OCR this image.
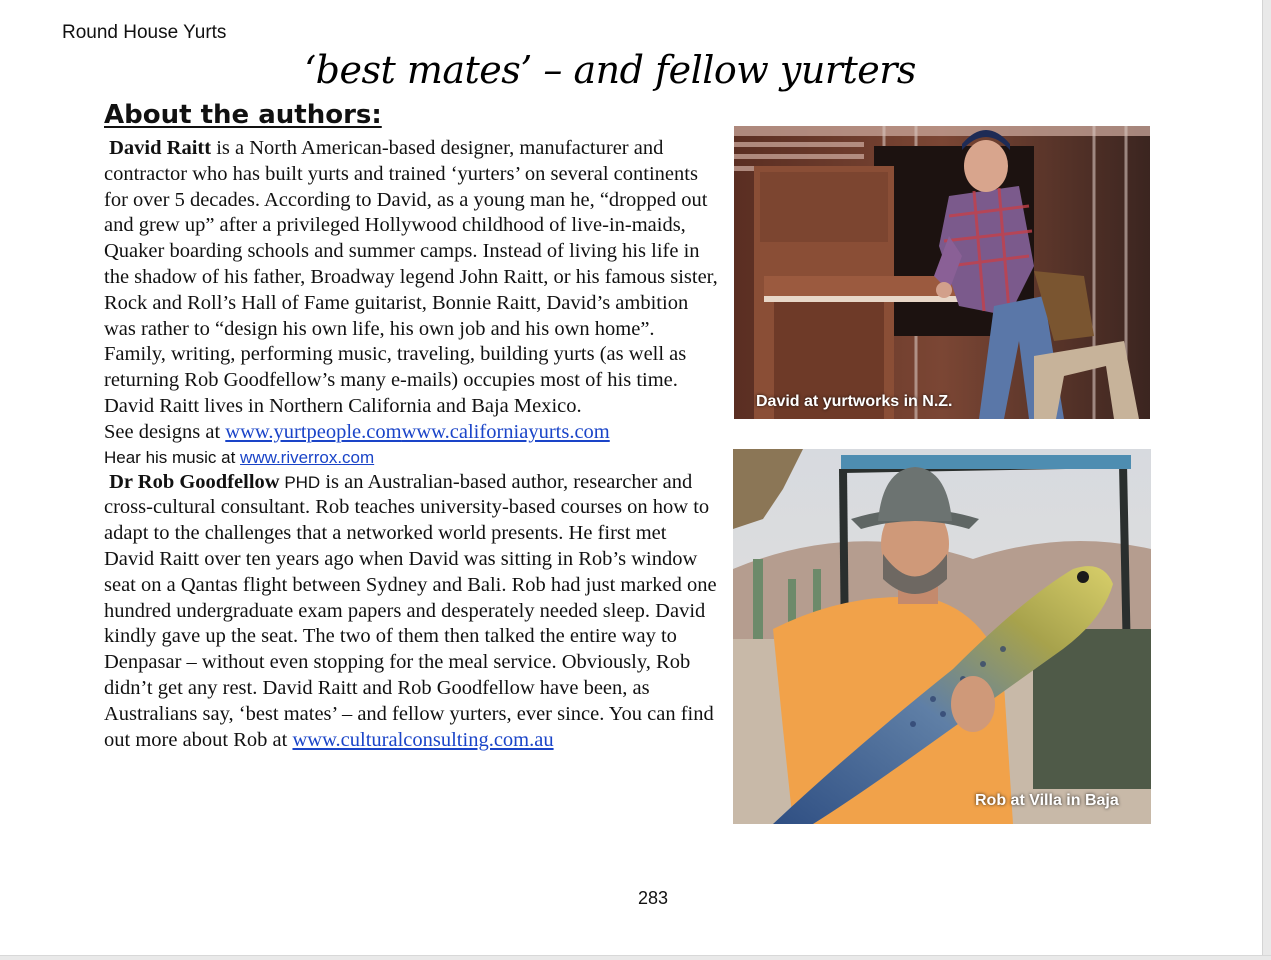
Round House Yurts
‘best mates’ – and fellow yurters
About the authors:

David Raitt is a North American-based designer, manufacturer and contractor who has built yurts and trained ‘yurters’ on several continents for over 5 decades. According to David, as a young man he, “dropped out and grew up” after a privileged Hollywood childhood of live-in-maids, Quaker boarding schools and summer camps. Instead of living his life in the shadow of his father, Broadway legend John Raitt, or his famous sister, Rock and Roll’s Hall of Fame guitarist, Bonnie Raitt, David’s ambition was rather to “design his own life, his own job and his own home”. Family, writing, performing music, traveling, building yurts (as well as returning Rob Goodfellow’s many e-mails) occupies most of his time. David Raitt lives in Northern California and Baja Mexico.

See designs at www.yurtpeople.comwww.californiayurts.com

Hear his music at www.riverrox.com

Dr Rob Goodfellow PHD is an Australian-based author, researcher and cross-cultural consultant. Rob teaches university-based courses on how to adapt to the challenges that a networked world presents. He first met David Raitt over ten years ago when David was sitting in Rob’s window seat on a Qantas flight between Sydney and Bali. Rob had just marked one hundred undergraduate exam papers and desperately needed sleep. David kindly gave up the seat. The two of them then talked the entire way to Denpasar – without even stopping for the meal service. Obviously, Rob didn’t get any rest. David Raitt and Rob Goodfellow have been, as Australians say, ‘best mates’ – and fellow yurters, ever since. You can find out more about Rob at www.culturalconsulting.com.au

David at yurtworks in N.Z.
Rob at Villa in Baja
283
